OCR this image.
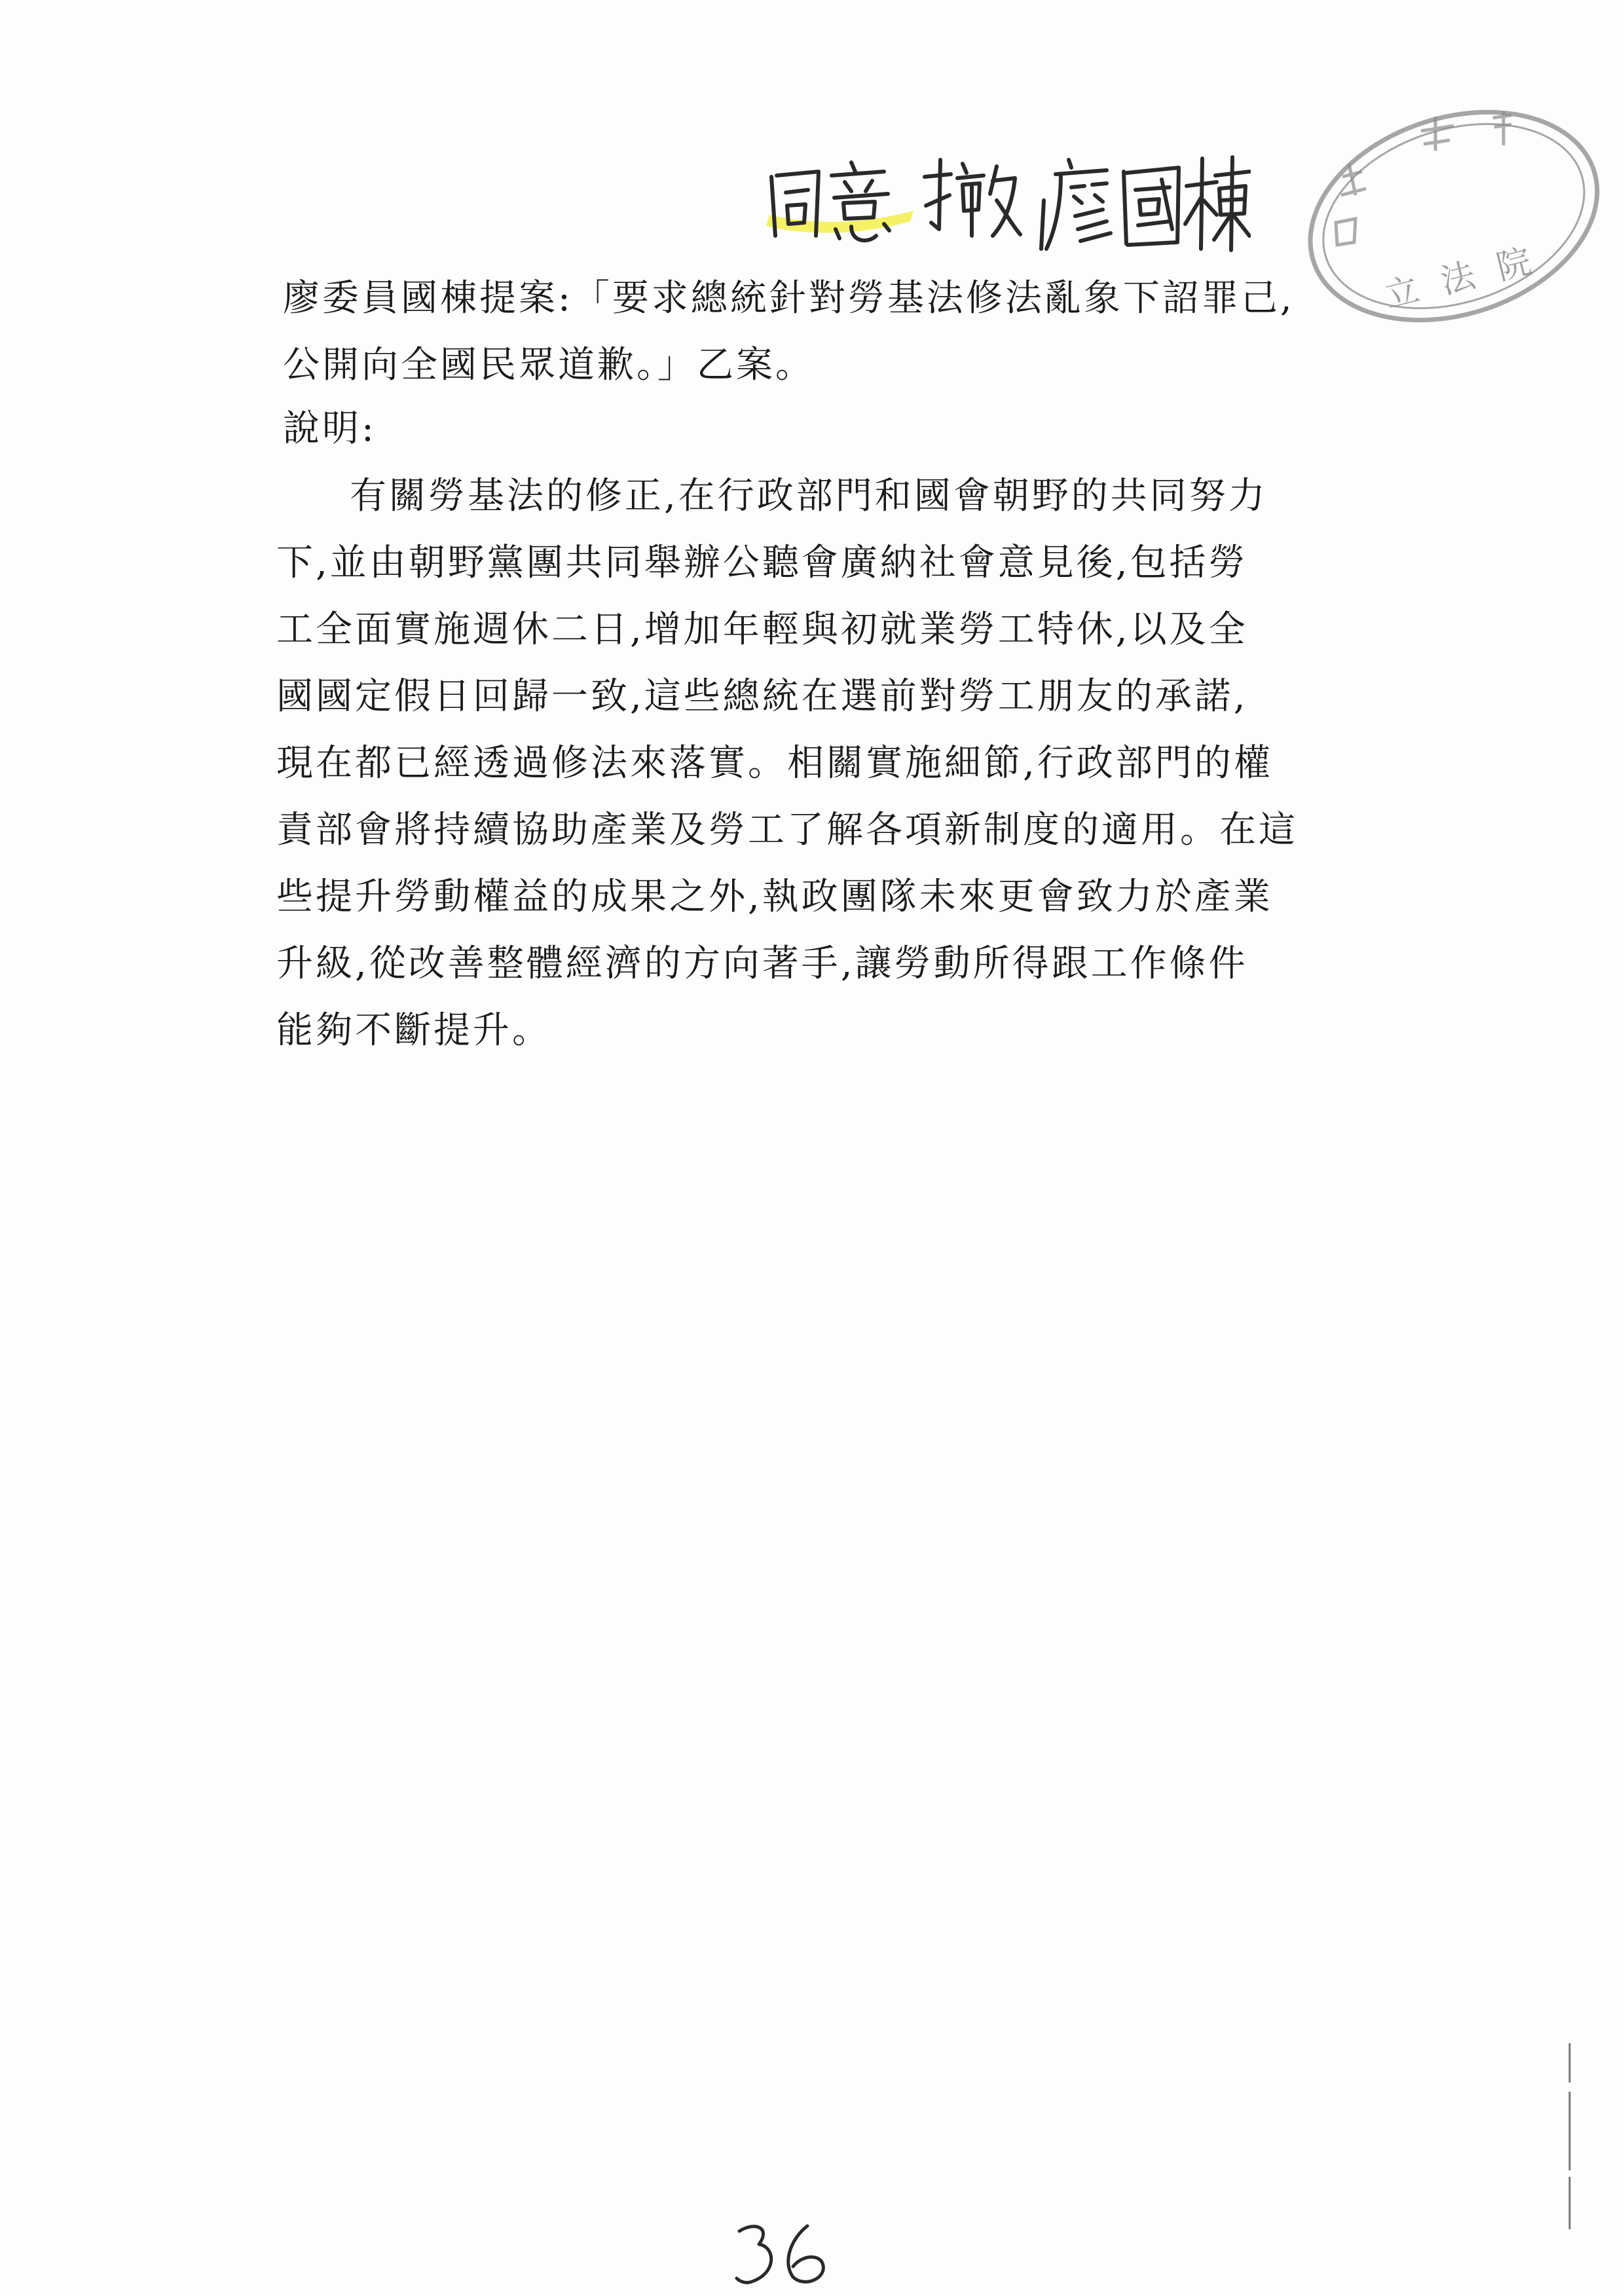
立法院
廖委員國棟提案:「要求總統針對勞基法修法亂象下詔罪己,
公開向全國民眾道歉。」乙案。
說明:
有關勞基法的修正,在行政部門和國會朝野的共同努力
下,並由朝野黨團共同舉辦公聽會廣納社會意見後,包括勞
工全面實施週休二日,增加年輕與初就業勞工特休,以及全
國國定假日回歸一致,這些總統在選前對勞工朋友的承諾,
現在都已經透過修法來落實。相關實施細節,行政部門的權
責部會將持續協助產業及勞工了解各項新制度的適用。在這
些提升勞動權益的成果之外,執政團隊未來更會致力於產業
升級,從改善整體經濟的方向著手,讓勞動所得跟工作條件
能夠不斷提升。
